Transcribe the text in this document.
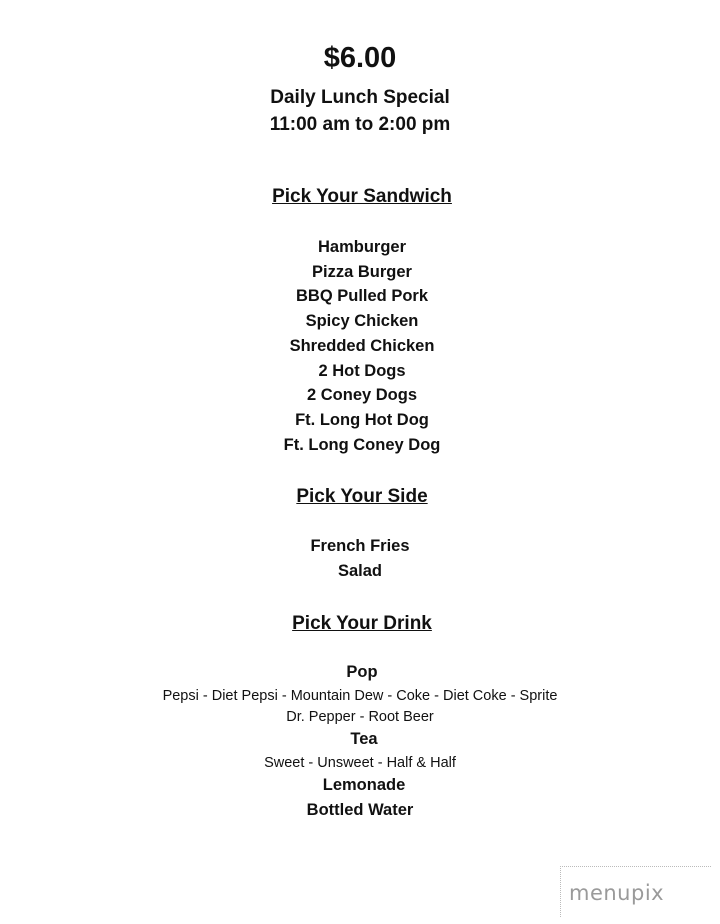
$6.00
Daily Lunch Special
11:00 am to 2:00 pm
Pick Your Sandwich
Hamburger
Pizza Burger
BBQ Pulled Pork
Spicy Chicken
Shredded Chicken
2 Hot Dogs
2 Coney Dogs
Ft. Long Hot Dog
Ft. Long Coney Dog
Pick Your Side
French Fries
Salad
Pick Your Drink
Pop
Pepsi - Diet Pepsi - Mountain Dew - Coke - Diet Coke - Sprite
Dr. Pepper - Root Beer
Tea
Sweet - Unsweet - Half & Half
Lemonade
Bottled Water
menupix
